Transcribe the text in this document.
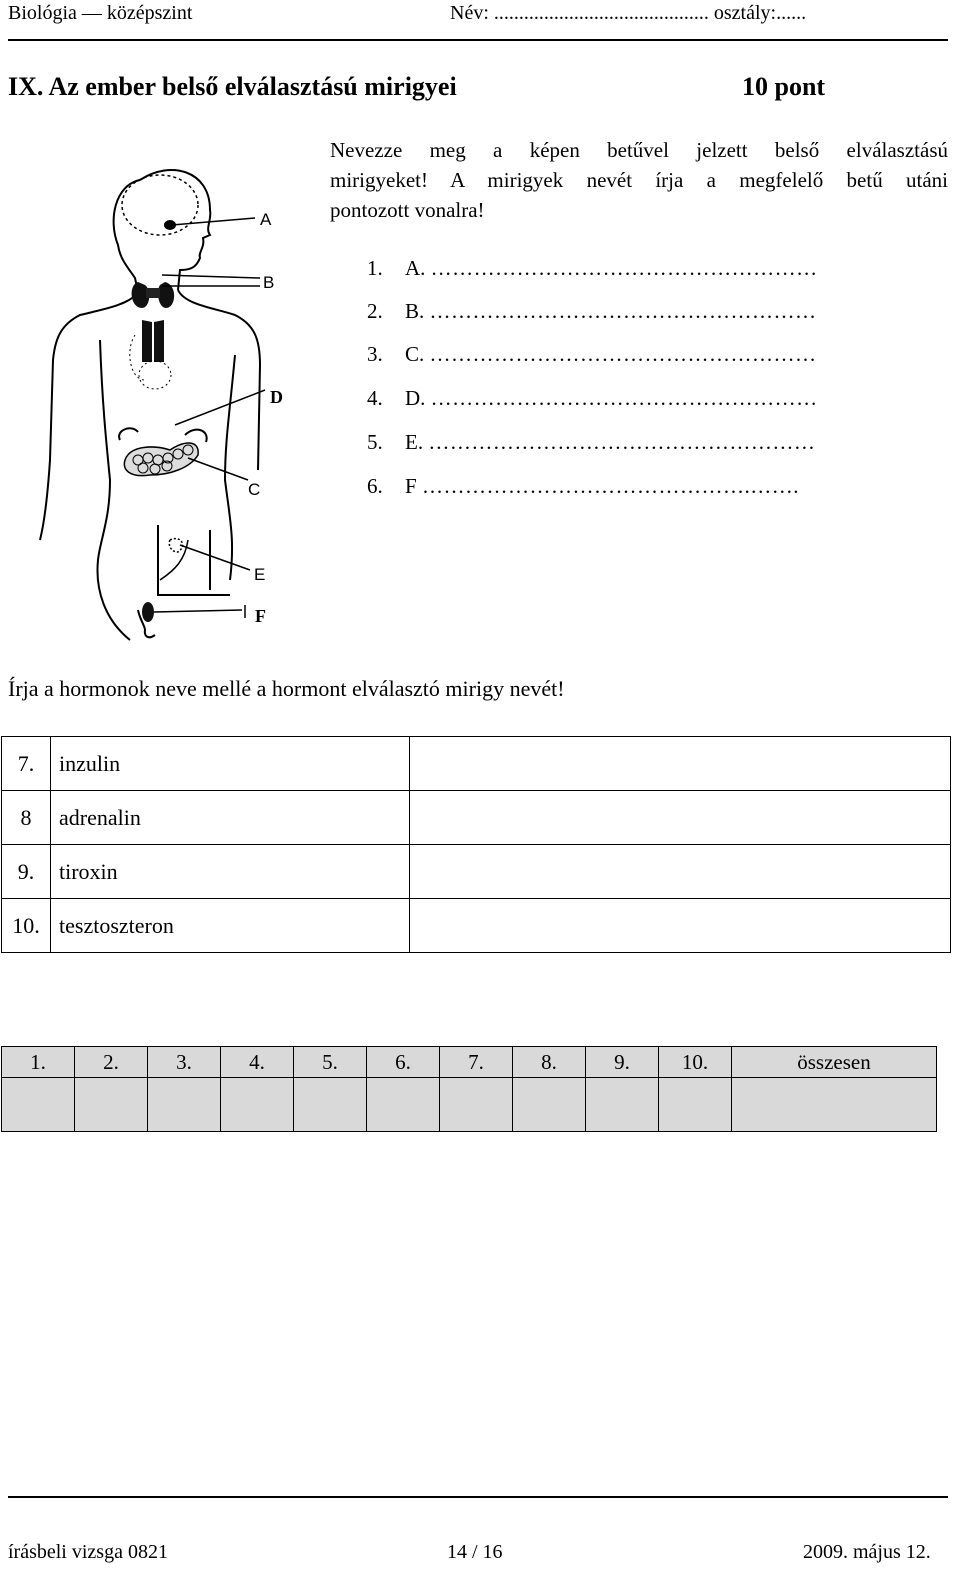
Biológia — középszint	Név: ........................................... osztály:......
IX. Az ember belső elválasztású mirigyei	10 pont
Nevezze meg a képen betűvel jelzett belső elválasztású
mirigyeket! A mirigyek nevét írja a megfelelő betű utáni
pontozott vonalra!
A
B
C
D
E
F
1. A. ………………………………………………
2. B. ………………………………………………
3. C. ………………………………………………
4. D. ………………………………………………
5. E. ………………………………………………
6. F ……………………………………….…….
Írja a hormonok neve mellé a hormont elválasztó mirigy nevét!
7.	inzulin	
8	adrenalin	
9.	tiroxin	
10.	tesztoszteron	
1.	2.	3.	4.	5.	6.	7.	8.	9.	10.	összesen

írásbeli vizsga 0821	14 / 16	2009. május 12.
